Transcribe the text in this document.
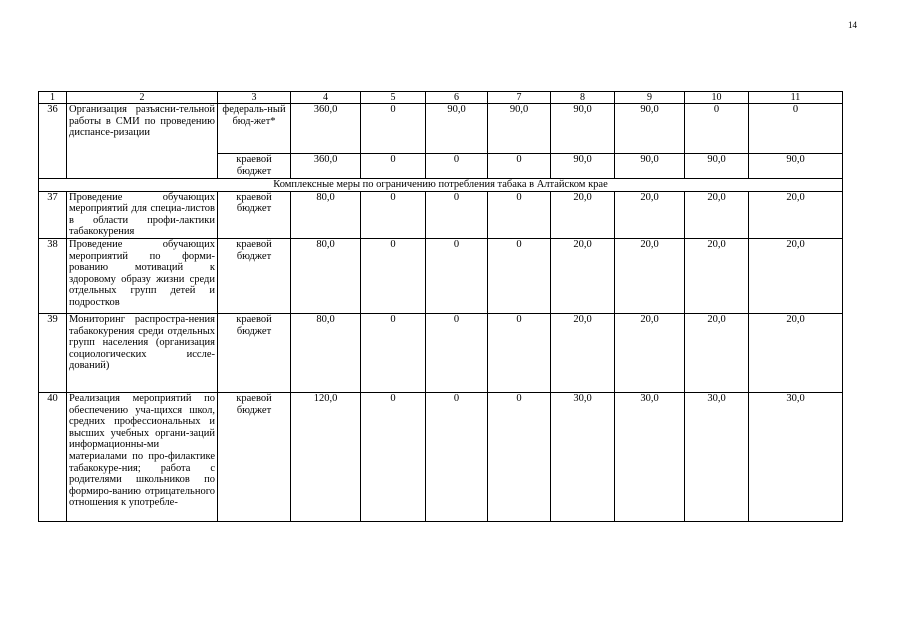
14
1	2	3	4	5	6	7	8	9	10	11
36	Организация разъясни-тельной работы в СМИ по проведению диспансе-ризации	федераль-ный бюд-жет*	360,0	0	90,0	90,0	90,0	90,0	0	0
		краевой бюджет	360,0	0	0	0	90,0	90,0	90,0	90,0
Комплексные меры по ограничению потребления табака в Алтайском крае										
37	Проведение обучающих мероприятий для специа-листов в области профи-лактики табакокурения	краевой бюджет	80,0	0	0	0	20,0	20,0	20,0	20,0
38	Проведение обучающих мероприятий по форми-рованию мотиваций к здоровому образу жизни среди отдельных групп детей и подростков	краевой бюджет	80,0	0	0	0	20,0	20,0	20,0	20,0
39	Мониторинг распростра-нения табакокурения среди отдельных групп населения (организация социологических иссле-дований)	краевой бюджет	80,0	0	0	0	20,0	20,0	20,0	20,0
40	Реализация мероприятий по обеспечению уча-щихся школ, средних профессиональных и высших учебных органи-заций информационны-ми материалами по про-филактике табакокуре-ния; работа с родителями школьников по формиро-ванию отрицательного отношения к употребле-	краевой бюджет	120,0	0	0	0	30,0	30,0	30,0	30,0
